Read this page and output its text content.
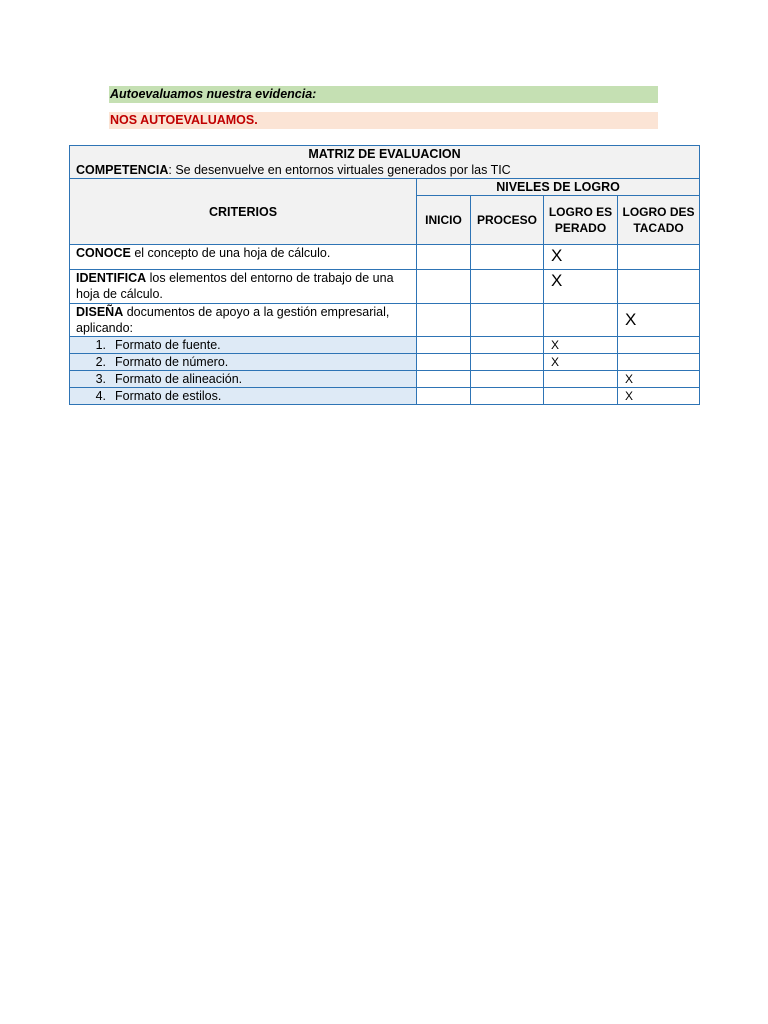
Autoevaluamos nuestra evidencia:
NOS AUTOEVALUAMOS.
MATRIZ DE EVALUACION
COMPETENCIA: Se desenvuelve en entornos virtuales generados por las TIC				

CRITERIOS	NIVELES DE LOGRO			
	INICIO	PROCESO	LOGRO ESPERADO	LOGRO DESTACADO
CONOCE el concepto de una hoja de cálculo.			X	
IDENTIFICA los elementos del entorno de trabajo de una hoja de cálculo.			X	
DISEÑA documentos de apoyo a la gestión empresarial, aplicando:				X
1. Formato de fuente.			X	
2. Formato de número.			X	
3. Formato de alineación.				X
4. Formato de estilos.				X
